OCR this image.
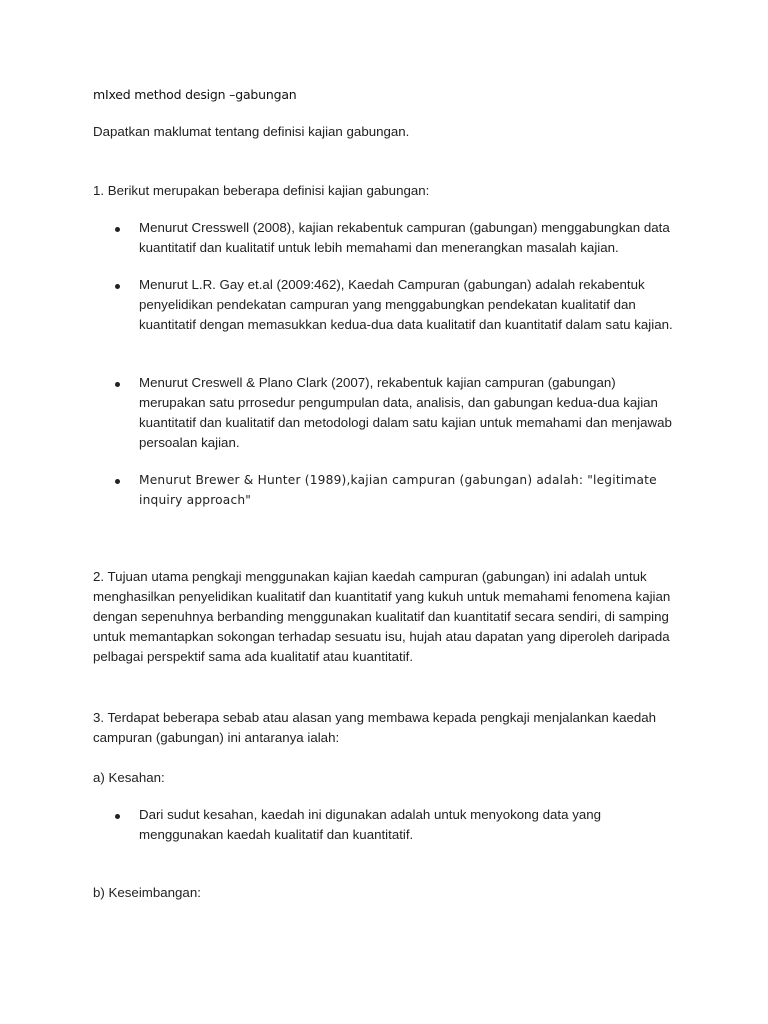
mIxed method design –gabungan

Dapatkan maklumat tentang definisi kajian gabungan.

1. Berikut merupakan beberapa definisi kajian gabungan:

Menurut Cresswell (2008), kajian rekabentuk campuran (gabungan) menggabungkan data kuantitatif dan kualitatif untuk lebih memahami dan menerangkan masalah kajian.

Menurut L.R. Gay et.al (2009:462), Kaedah Campuran (gabungan) adalah rekabentuk penyelidikan pendekatan campuran yang menggabungkan pendekatan kualitatif dan kuantitatif dengan memasukkan kedua-dua data kualitatif dan kuantitatif dalam satu kajian.

Menurut Creswell & Plano Clark (2007), rekabentuk kajian campuran (gabungan) merupakan satu prrosedur pengumpulan data, analisis, dan gabungan kedua-dua kajian kuantitatif dan kualitatif dan metodologi dalam satu kajian untuk memahami dan menjawab persoalan kajian.

Menurut Brewer & Hunter (1989),kajian campuran (gabungan) adalah: "legitimate inquiry approach"

2. Tujuan utama pengkaji menggunakan kajian kaedah campuran (gabungan) ini adalah untuk menghasilkan penyelidikan kualitatif dan kuantitatif yang kukuh untuk memahami fenomena kajian dengan sepenuhnya berbanding menggunakan kualitatif dan kuantitatif secara sendiri, di samping untuk memantapkan sokongan terhadap sesuatu isu, hujah atau dapatan yang diperoleh daripada pelbagai perspektif sama ada kualitatif atau kuantitatif.

3. Terdapat beberapa sebab atau alasan yang membawa kepada pengkaji menjalankan kaedah campuran (gabungan) ini antaranya ialah:

a) Kesahan:

Dari sudut kesahan, kaedah ini digunakan adalah untuk menyokong data yang menggunakan kaedah kualitatif dan kuantitatif.

b) Keseimbangan:
